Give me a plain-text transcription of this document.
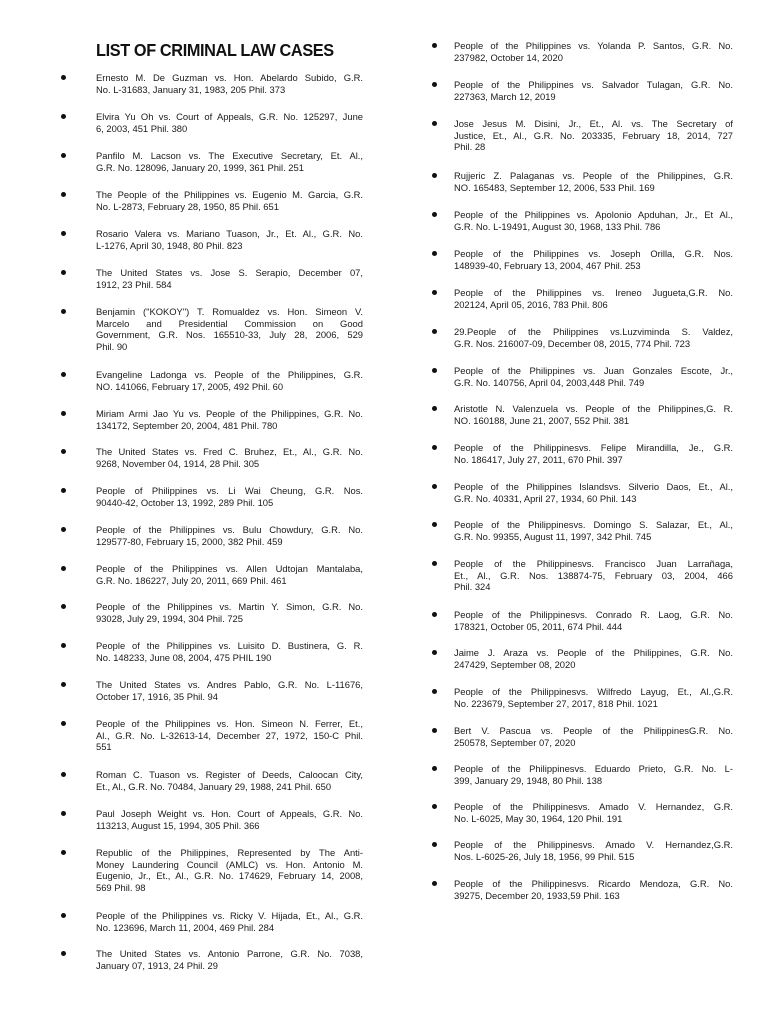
LIST OF CRIMINAL LAW CASES
Ernesto M. De Guzman vs. Hon. Abelardo Subido, G.R.
No. L-31683, January 31, 1983, 205 Phil. 373
Elvira Yu Oh vs. Court of Appeals, G.R. No. 125297, June
6, 2003, 451 Phil. 380
Panfilo M. Lacson vs. The Executive Secretary, Et. Al.,
G.R. No. 128096, January 20, 1999, 361 Phil. 251
The People of the Philippines vs. Eugenio M. Garcia, G.R.
No. L-2873, February 28, 1950, 85 Phil. 651
Rosario Valera vs. Mariano Tuason, Jr., Et. Al., G.R. No.
L-1276, April 30, 1948, 80 Phil. 823
The United States vs. Jose S. Serapio, December 07,
1912, 23 Phil. 584
Benjamin ("KOKOY") T. Romualdez vs. Hon. Simeon V.
Marcelo and Presidential Commission on Good
Government, G.R. Nos. 165510-33, July 28, 2006, 529
Phil. 90
Evangeline Ladonga vs. People of the Philippines, G.R.
NO. 141066, February 17, 2005, 492 Phil. 60
Miriam Armi Jao Yu vs. People of the Philippines, G.R. No.
134172, September 20, 2004, 481 Phil. 780
The United States vs. Fred C. Bruhez, Et., Al., G.R. No.
9268, November 04, 1914, 28 Phil. 305
People of Philippines vs. Li Wai Cheung, G.R. Nos.
90440-42, October 13, 1992, 289 Phil. 105
People of the Philippines vs. Bulu Chowdury, G.R. No.
129577-80, February 15, 2000, 382 Phil. 459
People of the Philippines vs. Allen Udtojan Mantalaba,
G.R. No. 186227, July 20, 2011, 669 Phil. 461
People of the Philippines vs. Martin Y. Simon, G.R. No.
93028, July 29, 1994, 304 Phil. 725
People of the Philippines vs. Luisito D. Bustinera, G. R.
No. 148233, June 08, 2004, 475 PHIL 190
The United States vs. Andres Pablo, G.R. No. L-11676,
October 17, 1916, 35 Phil. 94
People of the Philippines vs. Hon. Simeon N. Ferrer, Et.,
Al., G.R. No. L-32613-14, December 27, 1972, 150-C Phil.
551
Roman C. Tuason vs. Register of Deeds, Caloocan City,
Et., Al., G.R. No. 70484, January 29, 1988, 241 Phil. 650
Paul Joseph Weight vs. Hon. Court of Appeals, G.R. No.
113213, August 15, 1994, 305 Phil. 366
Republic of the Philippines, Represented by The Anti-
Money Laundering Council (AMLC) vs. Hon. Antonio M.
Eugenio, Jr., Et., Al., G.R. No. 174629, February 14, 2008,
569 Phil. 98
People of the Philippines vs. Ricky V. Hijada, Et., Al., G.R.
No. 123696, March 11, 2004, 469 Phil. 284
The United States vs. Antonio Parrone, G.R. No. 7038,
January 07, 1913, 24 Phil. 29
People of the Philippines vs. Yolanda P. Santos, G.R. No.
237982, October 14, 2020
People of the Philippines vs. Salvador Tulagan, G.R. No.
227363, March 12, 2019
Jose Jesus M. Disini, Jr., Et., Al. vs. The Secretary of
Justice, Et., Al., G.R. No. 203335, February 18, 2014, 727
Phil. 28
Rujjeric Z. Palaganas vs. People of the Philippines, G.R.
NO. 165483, September 12, 2006, 533 Phil. 169
People of the Philippines vs. Apolonio Apduhan, Jr., Et Al.,
G.R. No. L-19491, August 30, 1968, 133 Phil. 786
People of the Philippines vs. Joseph Orilla, G.R. Nos.
148939-40, February 13, 2004, 467 Phil. 253
People of the Philippines vs. Ireneo Jugueta,G.R. No.
202124, April 05, 2016, 783 Phil. 806
29.People of the Philippines vs.Luzviminda S. Valdez,
G.R. Nos. 216007-09, December 08, 2015, 774 Phil. 723
People of the Philippines vs. Juan Gonzales Escote, Jr.,
G.R. No. 140756, April 04, 2003,448 Phil. 749
Aristotle N. Valenzuela vs. People of the Philippines,G. R.
NO. 160188, June 21, 2007, 552 Phil. 381
People of the Philippinesvs. Felipe Mirandilla, Je., G.R.
No. 186417, July 27, 2011, 670 Phil. 397
People of the Philippines Islandsvs. Silverio Daos, Et., Al.,
G.R. No. 40331, April 27, 1934, 60 Phil. 143
People of the Philippinesvs. Domingo S. Salazar, Et., Al.,
G.R. No. 99355, August 11, 1997, 342 Phil. 745
People of the Philippinesvs. Francisco Juan Larrañaga,
Et., Al., G.R. Nos. 138874-75, February 03, 2004, 466
Phil. 324
People of the Philippinesvs. Conrado R. Laog, G.R. No.
178321, October 05, 2011, 674 Phil. 444
Jaime J. Araza vs. People of the Philippines, G.R. No.
247429, September 08, 2020
People of the Philippinesvs. Wilfredo Layug, Et., Al.,G.R.
No. 223679, September 27, 2017, 818 Phil. 1021
Bert V. Pascua vs. People of the PhilippinesG.R. No.
250578, September 07, 2020
People of the Philippinesvs. Eduardo Prieto, G.R. No. L-
399, January 29, 1948, 80 Phil. 138
People of the Philippinesvs. Amado V. Hernandez, G.R.
No. L-6025, May 30, 1964, 120 Phil. 191
People of the Philippinesvs. Amado V. Hernandez,G.R.
Nos. L-6025-26, July 18, 1956, 99 Phil. 515
People of the Philippinesvs. Ricardo Mendoza, G.R. No.
39275, December 20, 1933,59 Phil. 163
